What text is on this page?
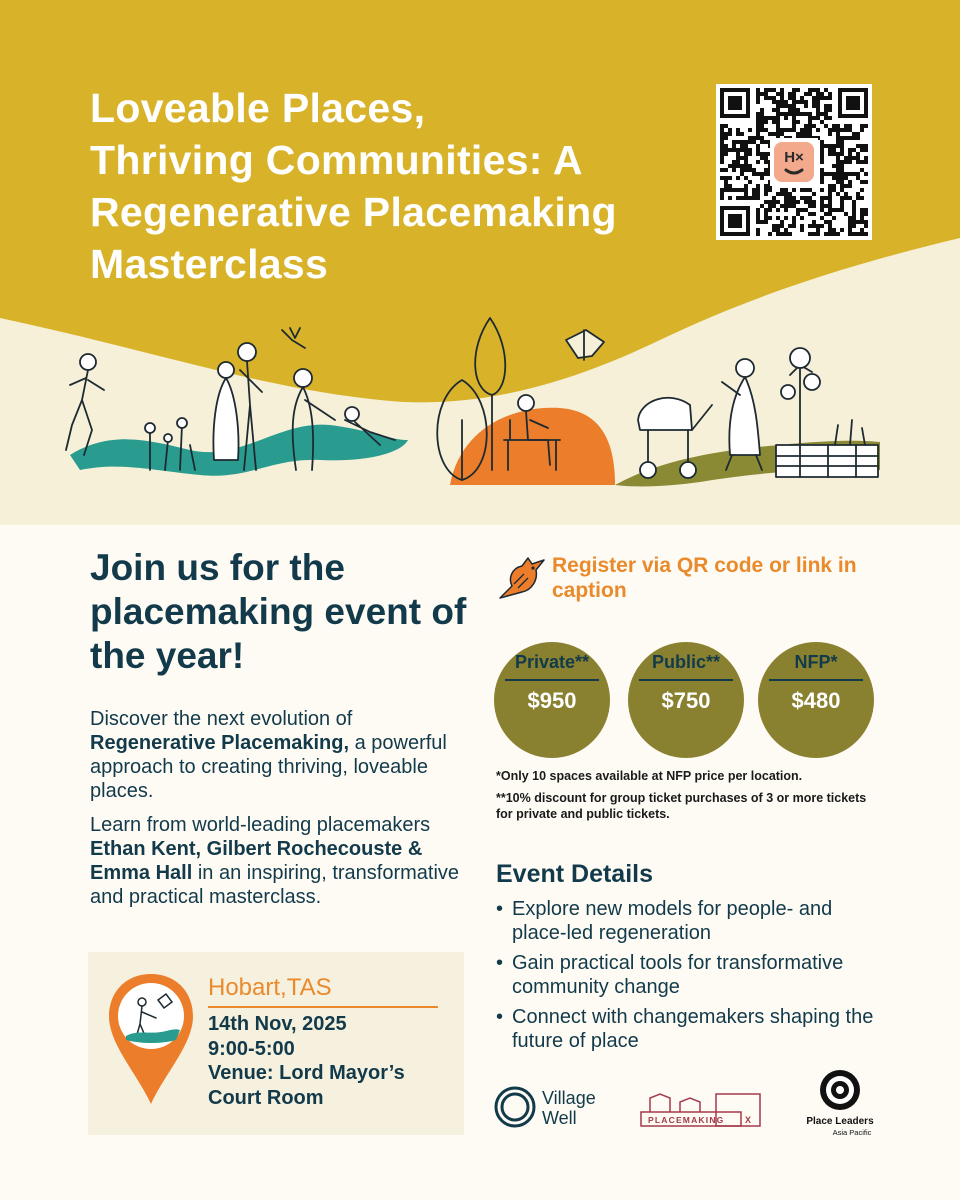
Loveable Places,
Thriving Communities: A
Regenerative Placemaking
Masterclass
H×
Join us for the placemaking event of the year!

Discover the next evolution of Regenerative Placemaking, a powerful approach to creating thriving, loveable places.

Learn from world-leading placemakers Ethan Kent, Gilbert Rochecouste & Emma Hall in an inspiring, transformative and practical masterclass.

Hobart,TAS
14th Nov, 2025
9:00-5:00
Venue: Lord Mayor’s
Court Room
Register via QR code or link in caption
Private**
$950
Public**
$750
NFP*
$480

*Only 10 spaces available at NFP price per location.

**10% discount for group ticket purchases of 3 or more tickets for private and public tickets.

Event Details
• Explore new models for people- and place-led regeneration
• Gain practical tools for transformative community change
• Connect with changemakers shaping the future of place
Village
Well	PLACEMAKING X	Place Leaders
Asia Pacific
